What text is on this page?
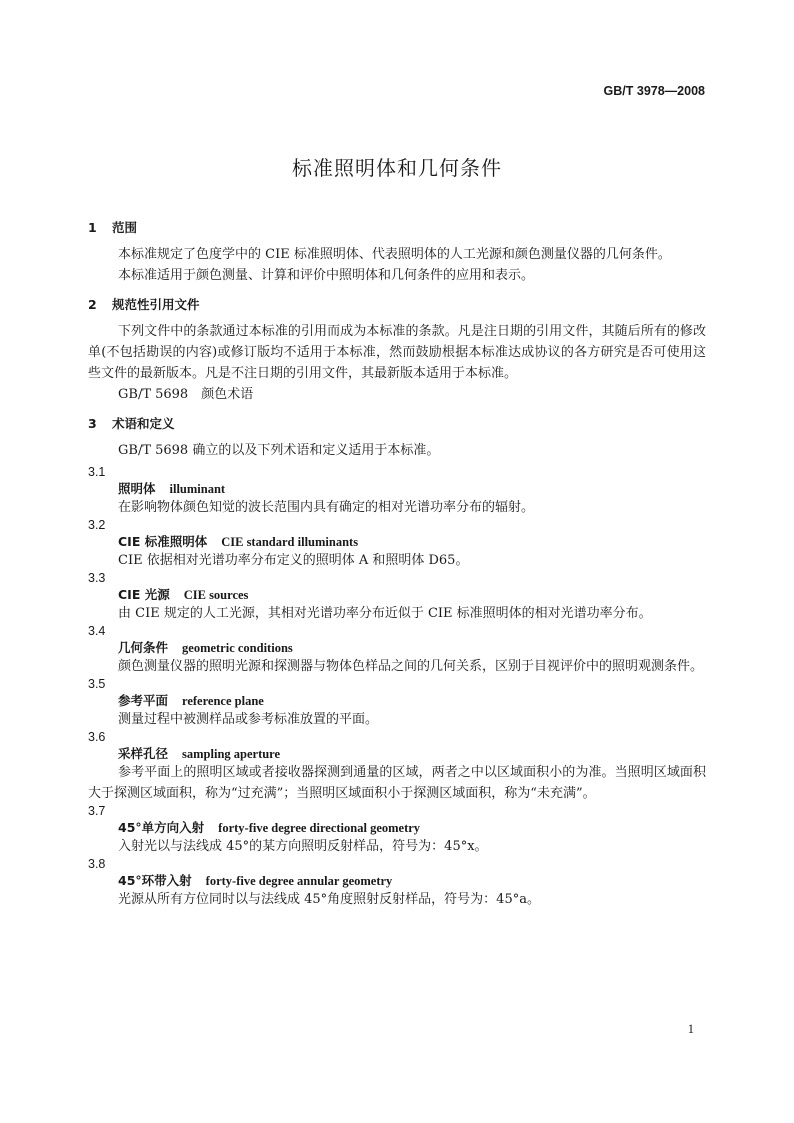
GB/T 3978—2008
标准照明体和几何条件
1 范围

本标准规定了色度学中的 CIE 标准照明体、代表照明体的人工光源和颜色测量仪器的几何条件。

本标准适用于颜色测量、计算和评价中照明体和几何条件的应用和表示。

2 规范性引用文件

下列文件中的条款通过本标准的引用而成为本标准的条款。凡是注日期的引用文件，其随后所有的修改单(不包括勘误的内容)或修订版均不适用于本标准，然而鼓励根据本标准达成协议的各方研究是否可使用这些文件的最新版本。凡是不注日期的引用文件，其最新版本适用于本标准。

GB/T 5698　颜色术语

3 术语和定义

GB/T 5698 确立的以及下列术语和定义适用于本标准。

3.1
照明体 illuminant

在影响物体颜色知觉的波长范围内具有确定的相对光谱功率分布的辐射。

3.2
CIE 标准照明体 CIE standard illuminants

CIE 依据相对光谱功率分布定义的照明体 A 和照明体 D65。

3.3
CIE 光源 CIE sources

由 CIE 规定的人工光源，其相对光谱功率分布近似于 CIE 标准照明体的相对光谱功率分布。

3.4
几何条件 geometric conditions

颜色测量仪器的照明光源和探测器与物体色样品之间的几何关系，区别于目视评价中的照明观测条件。

3.5
参考平面 reference plane

测量过程中被测样品或参考标准放置的平面。

3.6
采样孔径 sampling aperture

参考平面上的照明区域或者接收器探测到通量的区域，两者之中以区域面积小的为准。当照明区域面积大于探测区域面积，称为“过充满”；当照明区域面积小于探测区域面积，称为“未充满”。

3.7
45°单方向入射 forty-five degree directional geometry

入射光以与法线成 45°的某方向照明反射样品，符号为：45°x。

3.8
45°环带入射 forty-five degree annular geometry

光源从所有方位同时以与法线成 45°角度照射反射样品，符号为：45°a。

1
